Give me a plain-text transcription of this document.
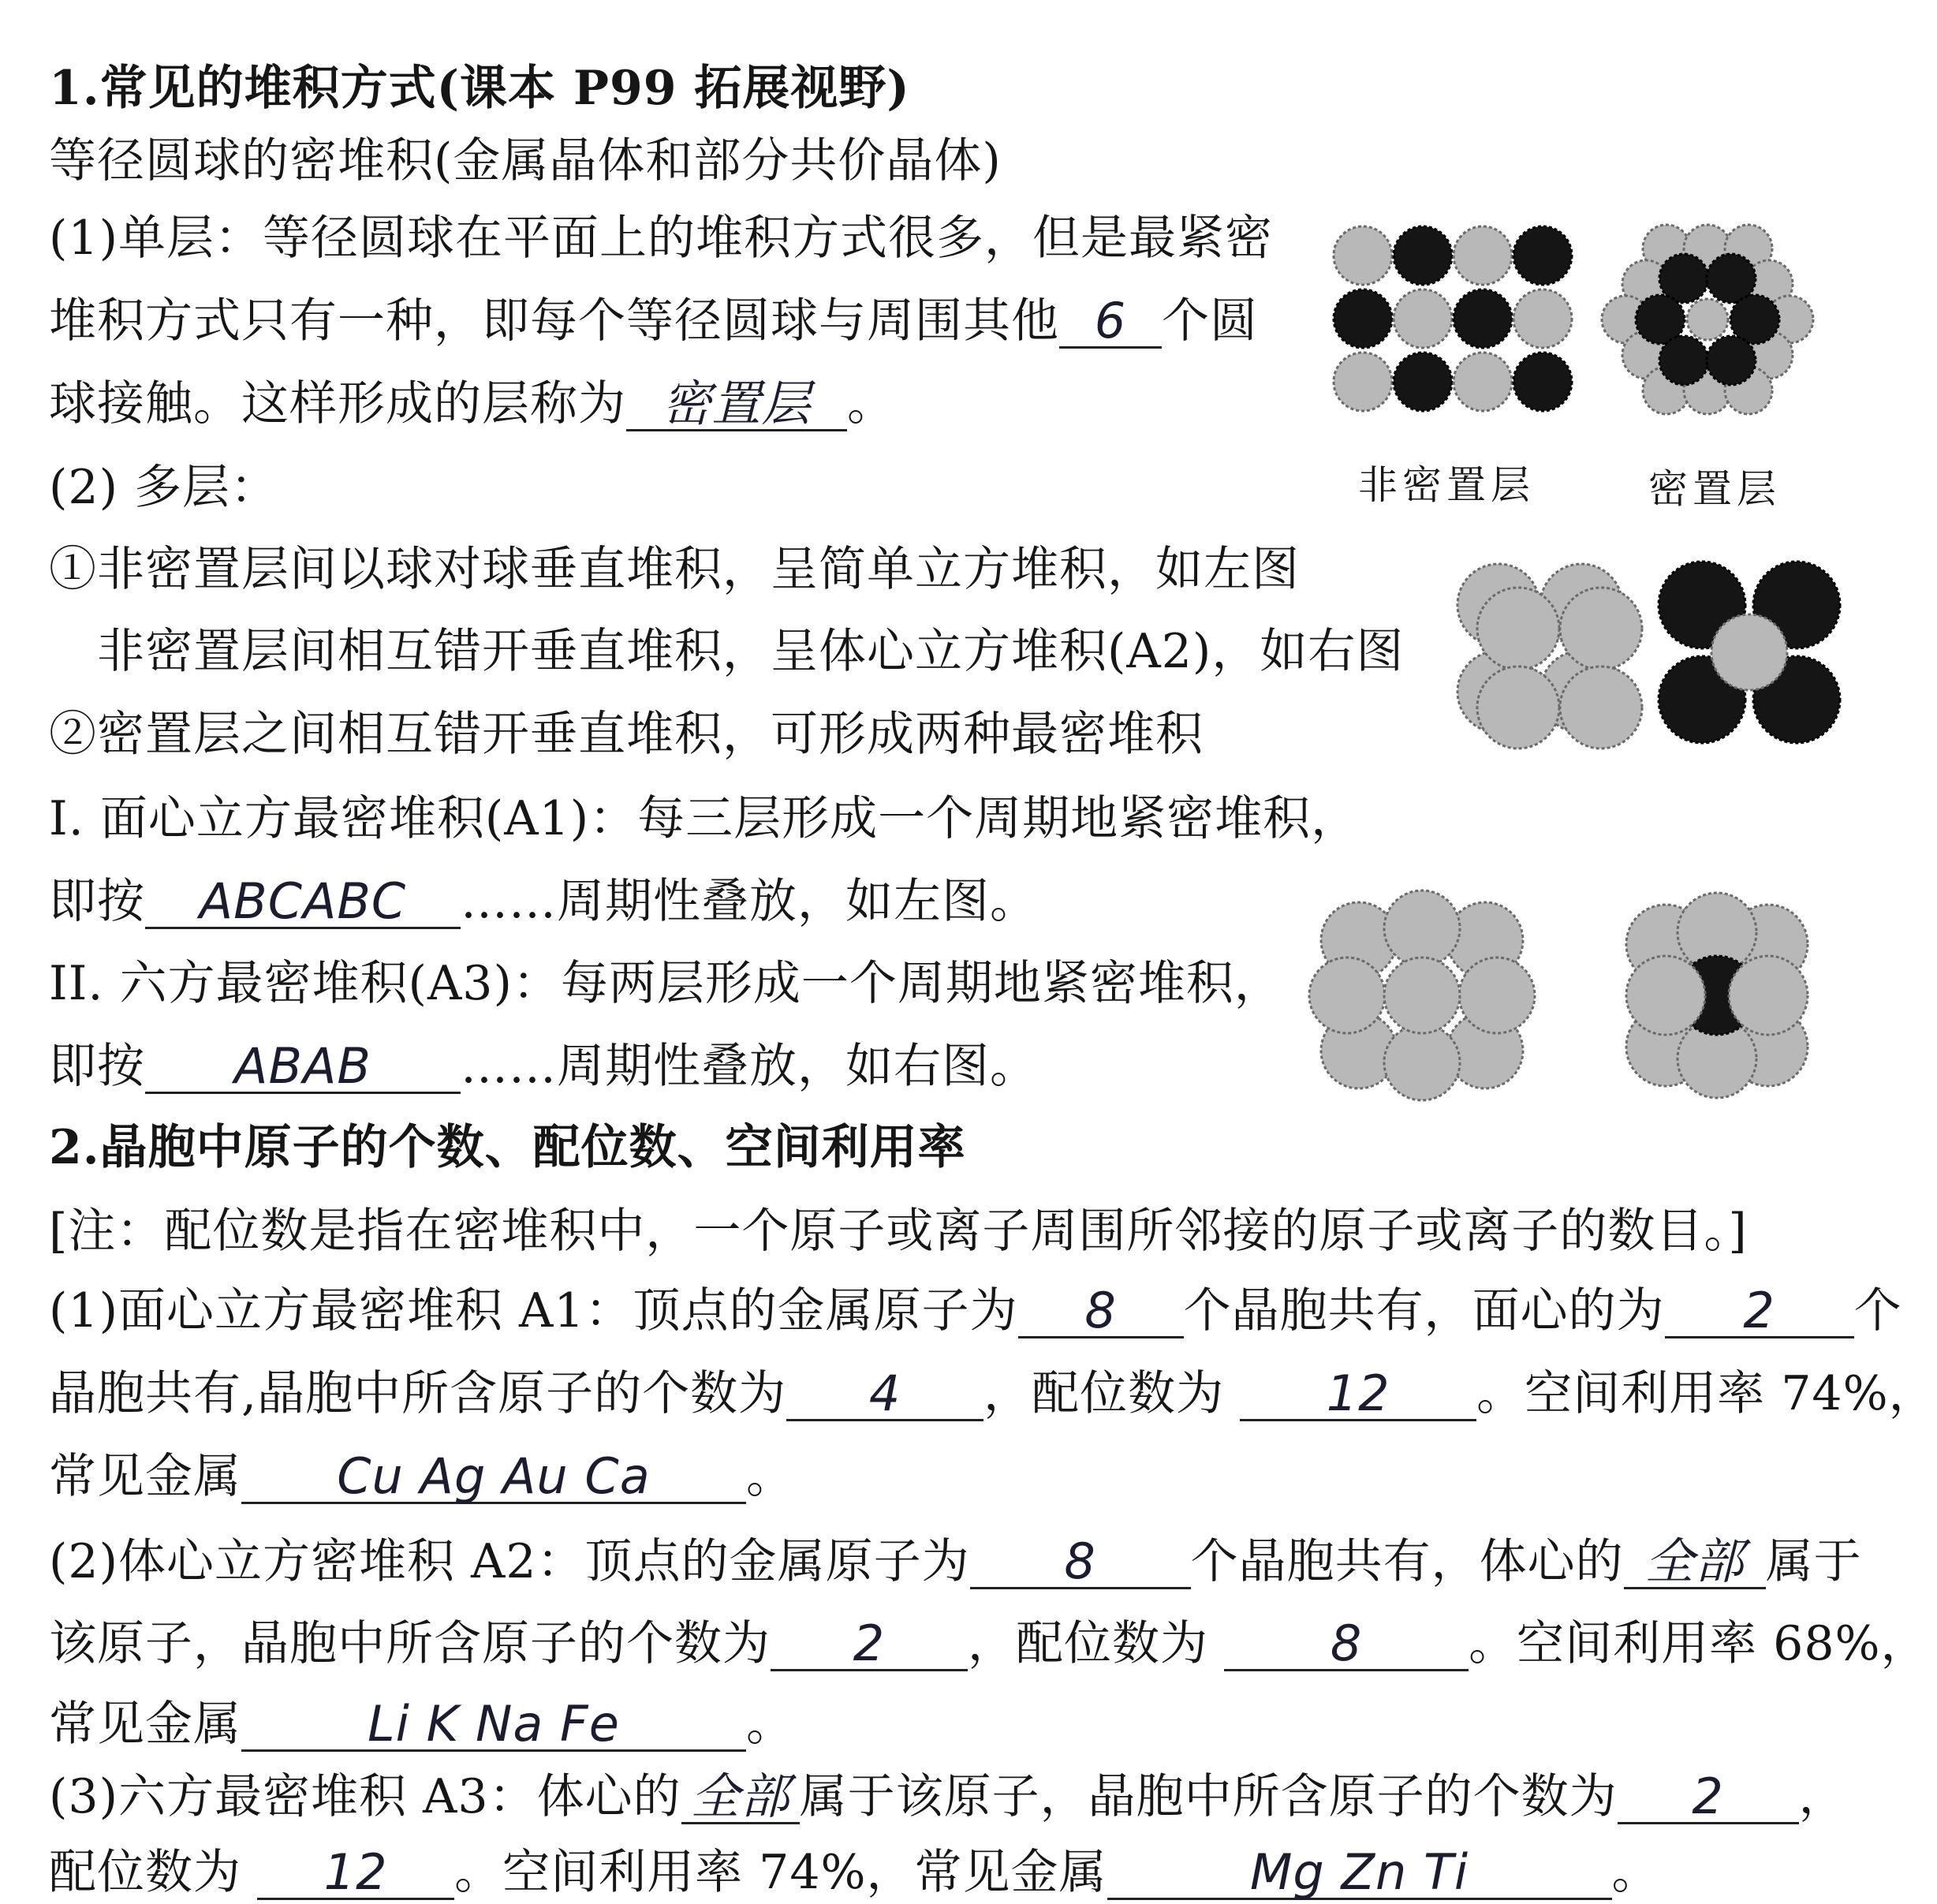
1.常见的堆积方式(课本 P99 拓展视野)
等径圆球的密堆积(金属晶体和部分共价晶体)
(1)单层：等径圆球在平面上的堆积方式很多，但是最紧密
堆积方式只有一种，即每个等径圆球与周围其他 6 个圆
球接触。这样形成的层称为 密置层 。
(2) 多层：
①非密置层间以球对球垂直堆积，呈简单立方堆积，如左图
　非密置层间相互错开垂直堆积，呈体心立方堆积(A2)，如右图
②密置层之间相互错开垂直堆积，可形成两种最密堆积
I. 面心立方最密堆积(A1)：每三层形成一个周期地紧密堆积，
即按 ABCABC ……周期性叠放，如左图。
II. 六方最密堆积(A3)：每两层形成一个周期地紧密堆积，
即按 ABAB ……周期性叠放，如右图。
2.晶胞中原子的个数、配位数、空间利用率
[注：配位数是指在密堆积中，一个原子或离子周围所邻接的原子或离子的数目。]
(1)面心立方最密堆积 A1：顶点的金属原子为 8 个晶胞共有，面心的为 2 个
晶胞共有,晶胞中所含原子的个数为 4 ，配位数为 12 。空间利用率 74%，
常见金属 Cu Ag Au Ca 。
(2)体心立方密堆积 A2：顶点的金属原子为 8 个晶胞共有，体心的 全部 属于
该原子，晶胞中所含原子的个数为 2 ，配位数为 8 。空间利用率 68%，
常见金属	Li K Na Fe	。
(3)六方最密堆积 A3：体心的 全部 属于该原子，晶胞中所含原子的个数为 2 ，
配位数为 12 。空间利用率 74%，常见金属	Mg Zn Ti	。
非密置层	密置层
